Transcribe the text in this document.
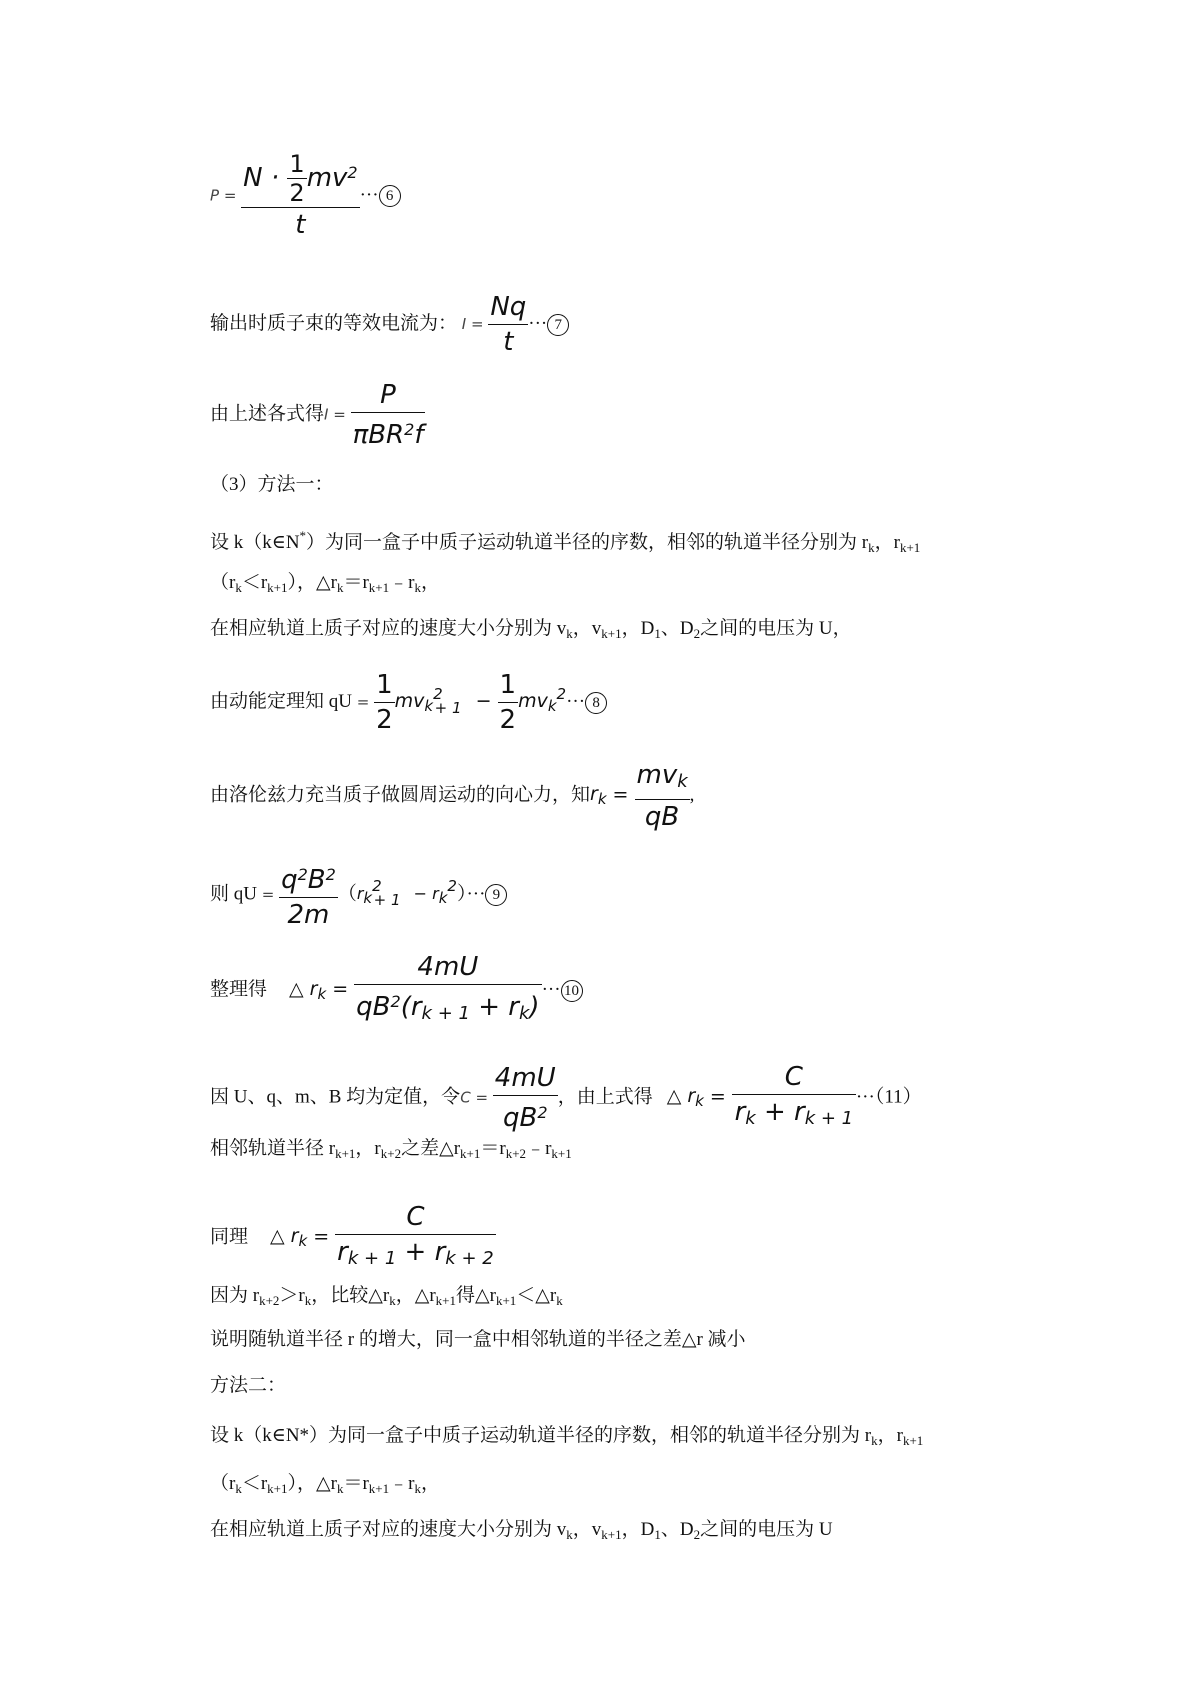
$P = \frac{N \cdot \frac{1}{2} mv^2}{t}$ ··· 6
输出时质子束的等效电流为： $I = \frac{Nq}{t}$ ··· 7
由上述各式得$I = \frac{P}{\pi BR^2f}$
（3）方法一：
设 k（k∈N*）为同一盒子中质子运动轨道半径的序数，相邻的轨道半径分别为 $r_k$，$r_{k+1}$
$(r_k<r_{k+1})$，$\triangle r_k=r_{k+1}﹣r_k$，
在相应轨道上质子对应的速度大小分别为 $v_k$，$v_{k+1}$，$D_1$、$D_2$之间的电压为 U，
由动能定理知 qU = $\frac{1}{2} mv_k^2_{+ 1} - \frac{1}{2} mv_k^2\cdot\cdot\cdot 8$
由洛伦兹力充当质子做圆周运动的向心力，知$r_k = \frac{mv_k}{qB}$ ,
则 qU = $\frac{q^2B^2}{2m} (r_k2+ 1 - r_k^2)\cdot\cdot\cdot 9$
整理得 △ $r_k = \frac{4mU}{qB^2(r_{k + 1} + r_k)}$ ··· 10
因 U、q、m、B 均为定值，令$C = \frac{4mU}{qB^2}$ ，由上式得 △ $r_k = \frac{C}{r_k + r_{k + 1}} \cdot\cdot\cdot(11)$
相邻轨道半径 $r_{k+1}$，$r_{k+2}$之差$\triangle r_{k+1}=r_{k+2}﹣r_{k+1}$
同理 △ $r_k = \frac{C}{r_{k + 1} + r_{k + 2}}$
因为 $r_{k+2}>r_k$，比较$\triangle r_k$，$\triangle r_{k+1}$得$\triangle r_{k+1}<\triangle r_k$
说明随轨道半径 r 的增大，同一盒中相邻轨道的半径之差△r 减小
方法二：
设 k（k∈N*）为同一盒子中质子运动轨道半径的序数，相邻的轨道半径分别为 $r_k$，$r_{k+1}$
$(r_k<r_{k+1})$，$\triangle r_k=r_{k+1}﹣r_k$，
在相应轨道上质子对应的速度大小分别为 $v_k$，$v_{k+1}$，$D_1$、$D_2$之间的电压为 U
